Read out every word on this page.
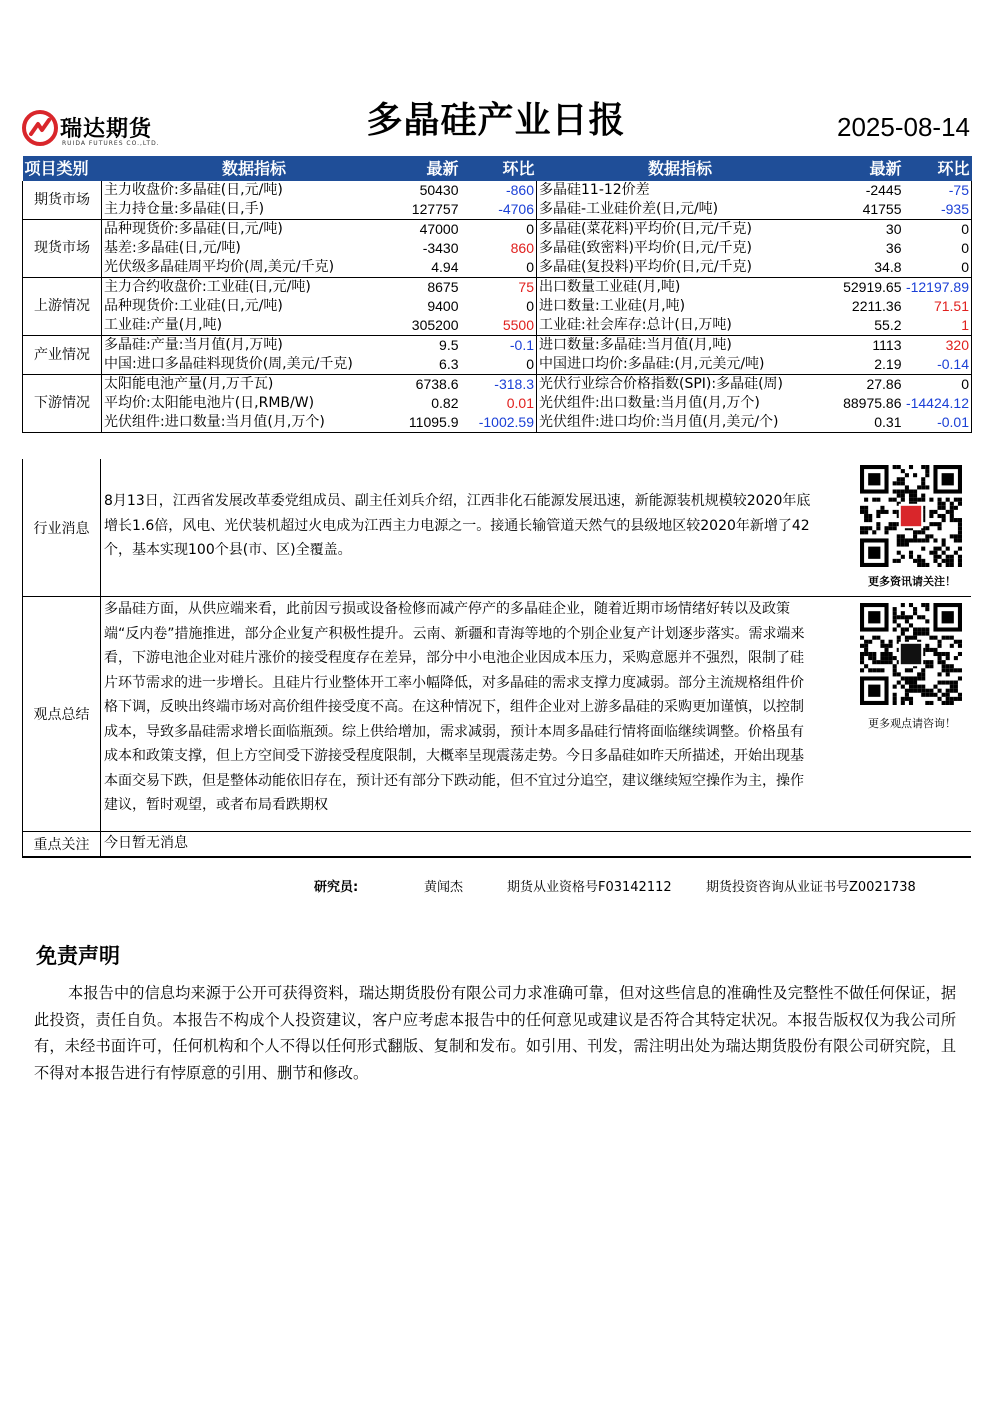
瑞达期货
RUIDA FUTURES CO.,LTD.
多晶硅产业日报	2025-08-14
项目类别	数据指标	最新	环比	数据指标	最新	环比
期货市场	主力收盘价:多晶硅(日,元/吨)	50430	-860	多晶硅11-12价差	-2445	-75
	主力持仓量:多晶硅(日,手)	127757	-4706	多晶硅-工业硅价差(日,元/吨)	41755	-935
现货市场	品种现货价:多晶硅(日,元/吨)	47000	0	多晶硅(菜花料)平均价(日,元/千克)	30	0
	基差:多晶硅(日,元/吨)	-3430	860	多晶硅(致密料)平均价(日,元/千克)	36	0
	光伏级多晶硅周平均价(周,美元/千克)	4.94	0	多晶硅(复投料)平均价(日,元/千克)	34.8	0
上游情况	主力合约收盘价:工业硅(日,元/吨)	8675	75	出口数量工业硅(月,吨)	52919.65	-12197.89
	品种现货价:工业硅(日,元/吨)	9400	0	进口数量:工业硅(月,吨)	2211.36	71.51
	工业硅:产量(月,吨)	305200	5500	工业硅:社会库存:总计(日,万吨)	55.2	1
产业情况	多晶硅:产量:当月值(月,万吨)	9.5	-0.1	进口数量:多晶硅:当月值(月,吨)	1113	320
	中国:进口多晶硅料现货价(周,美元/千克)	6.3	0	中国进口均价:多晶硅:(月,元美元/吨)	2.19	-0.14
下游情况	太阳能电池产量(月,万千瓦)	6738.6	-318.3	光伏行业综合价格指数(SPI):多晶硅(周)	27.86	0
	平均价:太阳能电池片(日,RMB/W)	0.82	0.01	光伏组件:出口数量:当月值(月,万个)	88975.86	-14424.12
	光伏组件:进口数量:当月值(月,万个)	11095.9	-1002.59	光伏组件:进口均价:当月值(月,美元/个)	0.31	-0.01
行业消息
8月13日，江西省发展改革委党组成员、副主任刘兵介绍，江西非化石能源发展迅速，新能源装机规模较2020年底增长1.6倍，风电、光伏装机超过火电成为江西主力电源之一。接通长输管道天然气的县级地区较2020年新增了42个，基本实现100个县(市、区)全覆盖。
更多资讯请关注！
观点总结
多晶硅方面，从供应端来看，此前因亏损或设备检修而减产停产的多晶硅企业，随着近期市场情绪好转以及政策端“反内卷”措施推进，部分企业复产积极性提升。云南、新疆和青海等地的个别企业复产计划逐步落实。需求端来看，下游电池企业对硅片涨价的接受程度存在差异，部分中小电池企业因成本压力，采购意愿并不强烈，限制了硅片环节需求的进一步增长。且硅片行业整体开工率小幅降低，对多晶硅的需求支撑力度减弱。部分主流规格组件价格下调，反映出终端市场对高价组件接受度不高。在这种情况下，组件企业对上游多晶硅的采购更加谨慎，以控制成本，导致多晶硅需求增长面临瓶颈。综上供给增加，需求减弱，预计本周多晶硅行情将面临继续调整。价格虽有成本和政策支撑，但上方空间受下游接受程度限制，大概率呈现震荡走势。今日多晶硅如昨天所描述，开始出现基本面交易下跌，但是整体动能依旧存在，预计还有部分下跌动能，但不宜过分追空，建议继续短空操作为主，操作建议，暂时观望，或者布局看跌期权
更多观点请咨询！
重点关注	今日暂无消息
研究员:	黄闻杰	期货从业资格号F03142112	期货投资咨询从业证书号Z0021738
免责声明
本报告中的信息均来源于公开可获得资料，瑞达期货股份有限公司力求准确可靠，但对这些信息的准确性及完整性不做任何保证，据此投资，责任自负。本报告不构成个人投资建议，客户应考虑本报告中的任何意见或建议是否符合其特定状况。本报告版权仅为我公司所有，未经书面许可，任何机构和个人不得以任何形式翻版、复制和发布。如引用、刊发，需注明出处为瑞达期货股份有限公司研究院，且不得对本报告进行有悖原意的引用、删节和修改。
